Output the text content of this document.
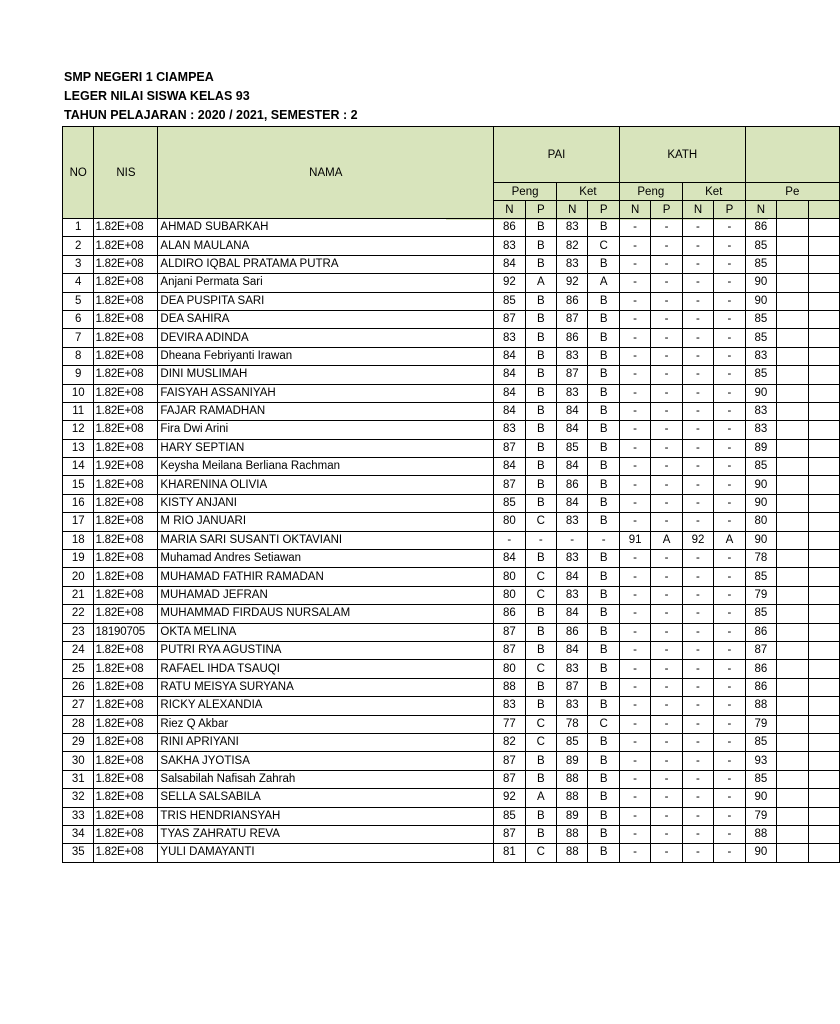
SMP NEGERI 1 CIAMPEA
LEGER NILAI SISWA KELAS 93
TAHUN PELAJARAN : 2020 / 2021, SEMESTER : 2
NO	NIS	NAMA	PAI				KATH						
			Peng		Ket		Peng		Ket		Pe		
			N	P	N	P	N	P	N	P	N		
1	1.82E+08	AHMAD SUBARKAH	86	B	83	B	-	-	-	-	86		
2	1.82E+08	ALAN MAULANA	83	B	82	C	-	-	-	-	85		
3	1.82E+08	ALDIRO IQBAL PRATAMA PUTRA	84	B	83	B	-	-	-	-	85		
4	1.82E+08	Anjani Permata Sari	92	A	92	A	-	-	-	-	90		
5	1.82E+08	DEA PUSPITA SARI	85	B	86	B	-	-	-	-	90		
6	1.82E+08	DEA SAHIRA	87	B	87	B	-	-	-	-	85		
7	1.82E+08	DEVIRA ADINDA	83	B	86	B	-	-	-	-	85		
8	1.82E+08	Dheana Febriyanti Irawan	84	B	83	B	-	-	-	-	83		
9	1.82E+08	DINI MUSLIMAH	84	B	87	B	-	-	-	-	85		
10	1.82E+08	FAISYAH ASSANIYAH	84	B	83	B	-	-	-	-	90		
11	1.82E+08	FAJAR RAMADHAN	84	B	84	B	-	-	-	-	83		
12	1.82E+08	Fira Dwi Arini	83	B	84	B	-	-	-	-	83		
13	1.82E+08	HARY SEPTIAN	87	B	85	B	-	-	-	-	89		
14	1.92E+08	Keysha Meilana Berliana Rachman	84	B	84	B	-	-	-	-	85		
15	1.82E+08	KHARENINA OLIVIA	87	B	86	B	-	-	-	-	90		
16	1.82E+08	KISTY ANJANI	85	B	84	B	-	-	-	-	90		
17	1.82E+08	M RIO JANUARI	80	C	83	B	-	-	-	-	80		
18	1.82E+08	MARIA SARI SUSANTI OKTAVIANI	-	-	-	-	91	A	92	A	90		
19	1.82E+08	Muhamad Andres Setiawan	84	B	83	B	-	-	-	-	78		
20	1.82E+08	MUHAMAD FATHIR RAMADAN	80	C	84	B	-	-	-	-	85		
21	1.82E+08	MUHAMAD JEFRAN	80	C	83	B	-	-	-	-	79		
22	1.82E+08	MUHAMMAD FIRDAUS NURSALAM	86	B	84	B	-	-	-	-	85		
23	18190705	OKTA MELINA	87	B	86	B	-	-	-	-	86		
24	1.82E+08	PUTRI RYA AGUSTINA	87	B	84	B	-	-	-	-	87		
25	1.82E+08	RAFAEL IHDA TSAUQI	80	C	83	B	-	-	-	-	86		
26	1.82E+08	RATU MEISYA SURYANA	88	B	87	B	-	-	-	-	86		
27	1.82E+08	RICKY ALEXANDIA	83	B	83	B	-	-	-	-	88		
28	1.82E+08	Riez Q Akbar	77	C	78	C	-	-	-	-	79		
29	1.82E+08	RINI APRIYANI	82	C	85	B	-	-	-	-	85		
30	1.82E+08	SAKHA JYOTISA	87	B	89	B	-	-	-	-	93		
31	1.82E+08	Salsabilah Nafisah Zahrah	87	B	88	B	-	-	-	-	85		
32	1.82E+08	SELLA SALSABILA	92	A	88	B	-	-	-	-	90		
33	1.82E+08	TRIS HENDRIANSYAH	85	B	89	B	-	-	-	-	79		
34	1.82E+08	TYAS ZAHRATU REVA	87	B	88	B	-	-	-	-	88		
35	1.82E+08	YULI DAMAYANTI	81	C	88	B	-	-	-	-	90		
